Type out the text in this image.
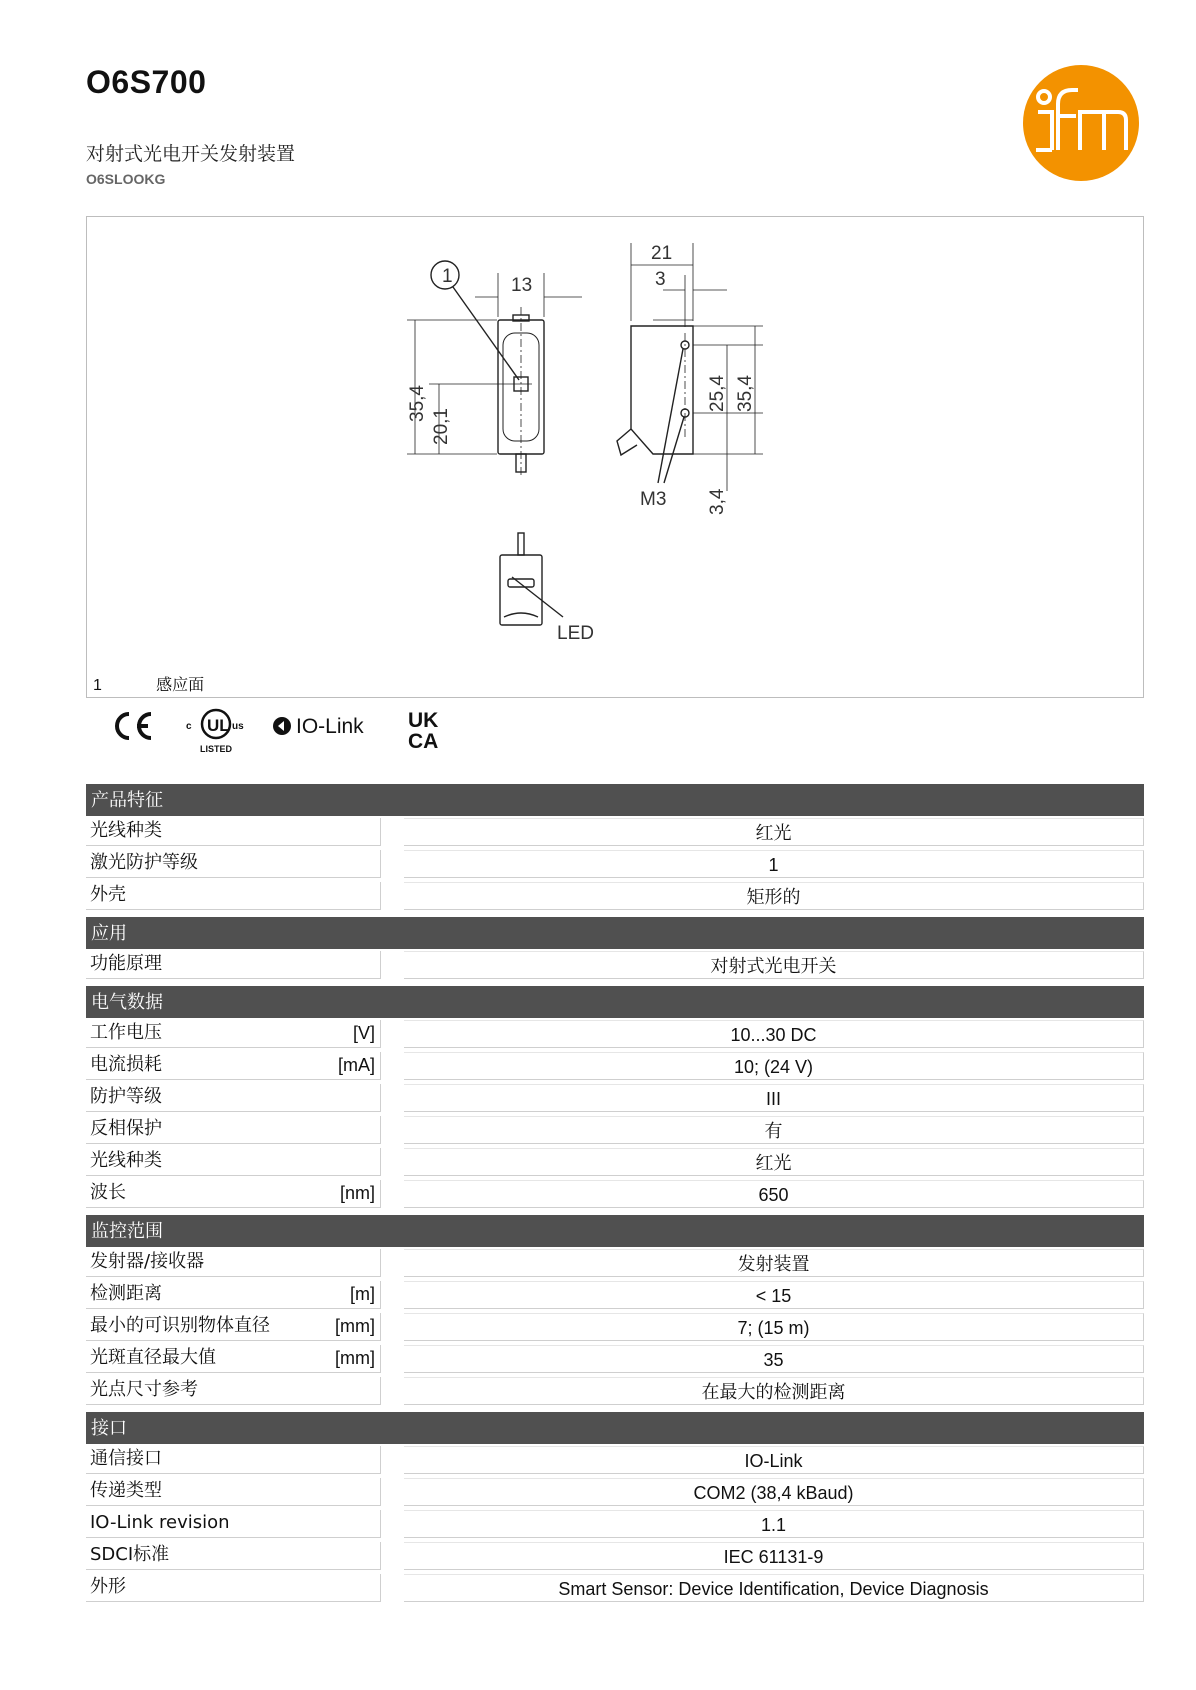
O6S700
对射式光电开关发射装置
O6SLOOKG	ifm
1	13
35,4
20,1
21
3
25,4 35,4
3,4
M3
LED
1	感应面
UL
c	us
LISTED
IO-Link UK
CA
产品特征
光线种类	红光
激光防护等级	1
外壳	矩形的
应用
功能原理	对射式光电开关
电气数据
工作电压	[V]	10...30 DC
电流损耗	[mA]	10; (24 V)
防护等级	III
反相保护	有
光线种类	红光
波长	[nm]	650
监控范围
发射器/接收器	发射装置
检测距离	[m]	< 15
最小的可识别物体直径	[mm]	7; (15 m)
光斑直径最大值	[mm]	35
光点尺寸参考	在最大的检测距离
接口
通信接口	IO-Link
传递类型	COM2 (38,4 kBaud)
IO-Link revision	1.1
SDCI标准	IEC 61131-9
外形	Smart Sensor: Device Identification, Device Diagnosis
